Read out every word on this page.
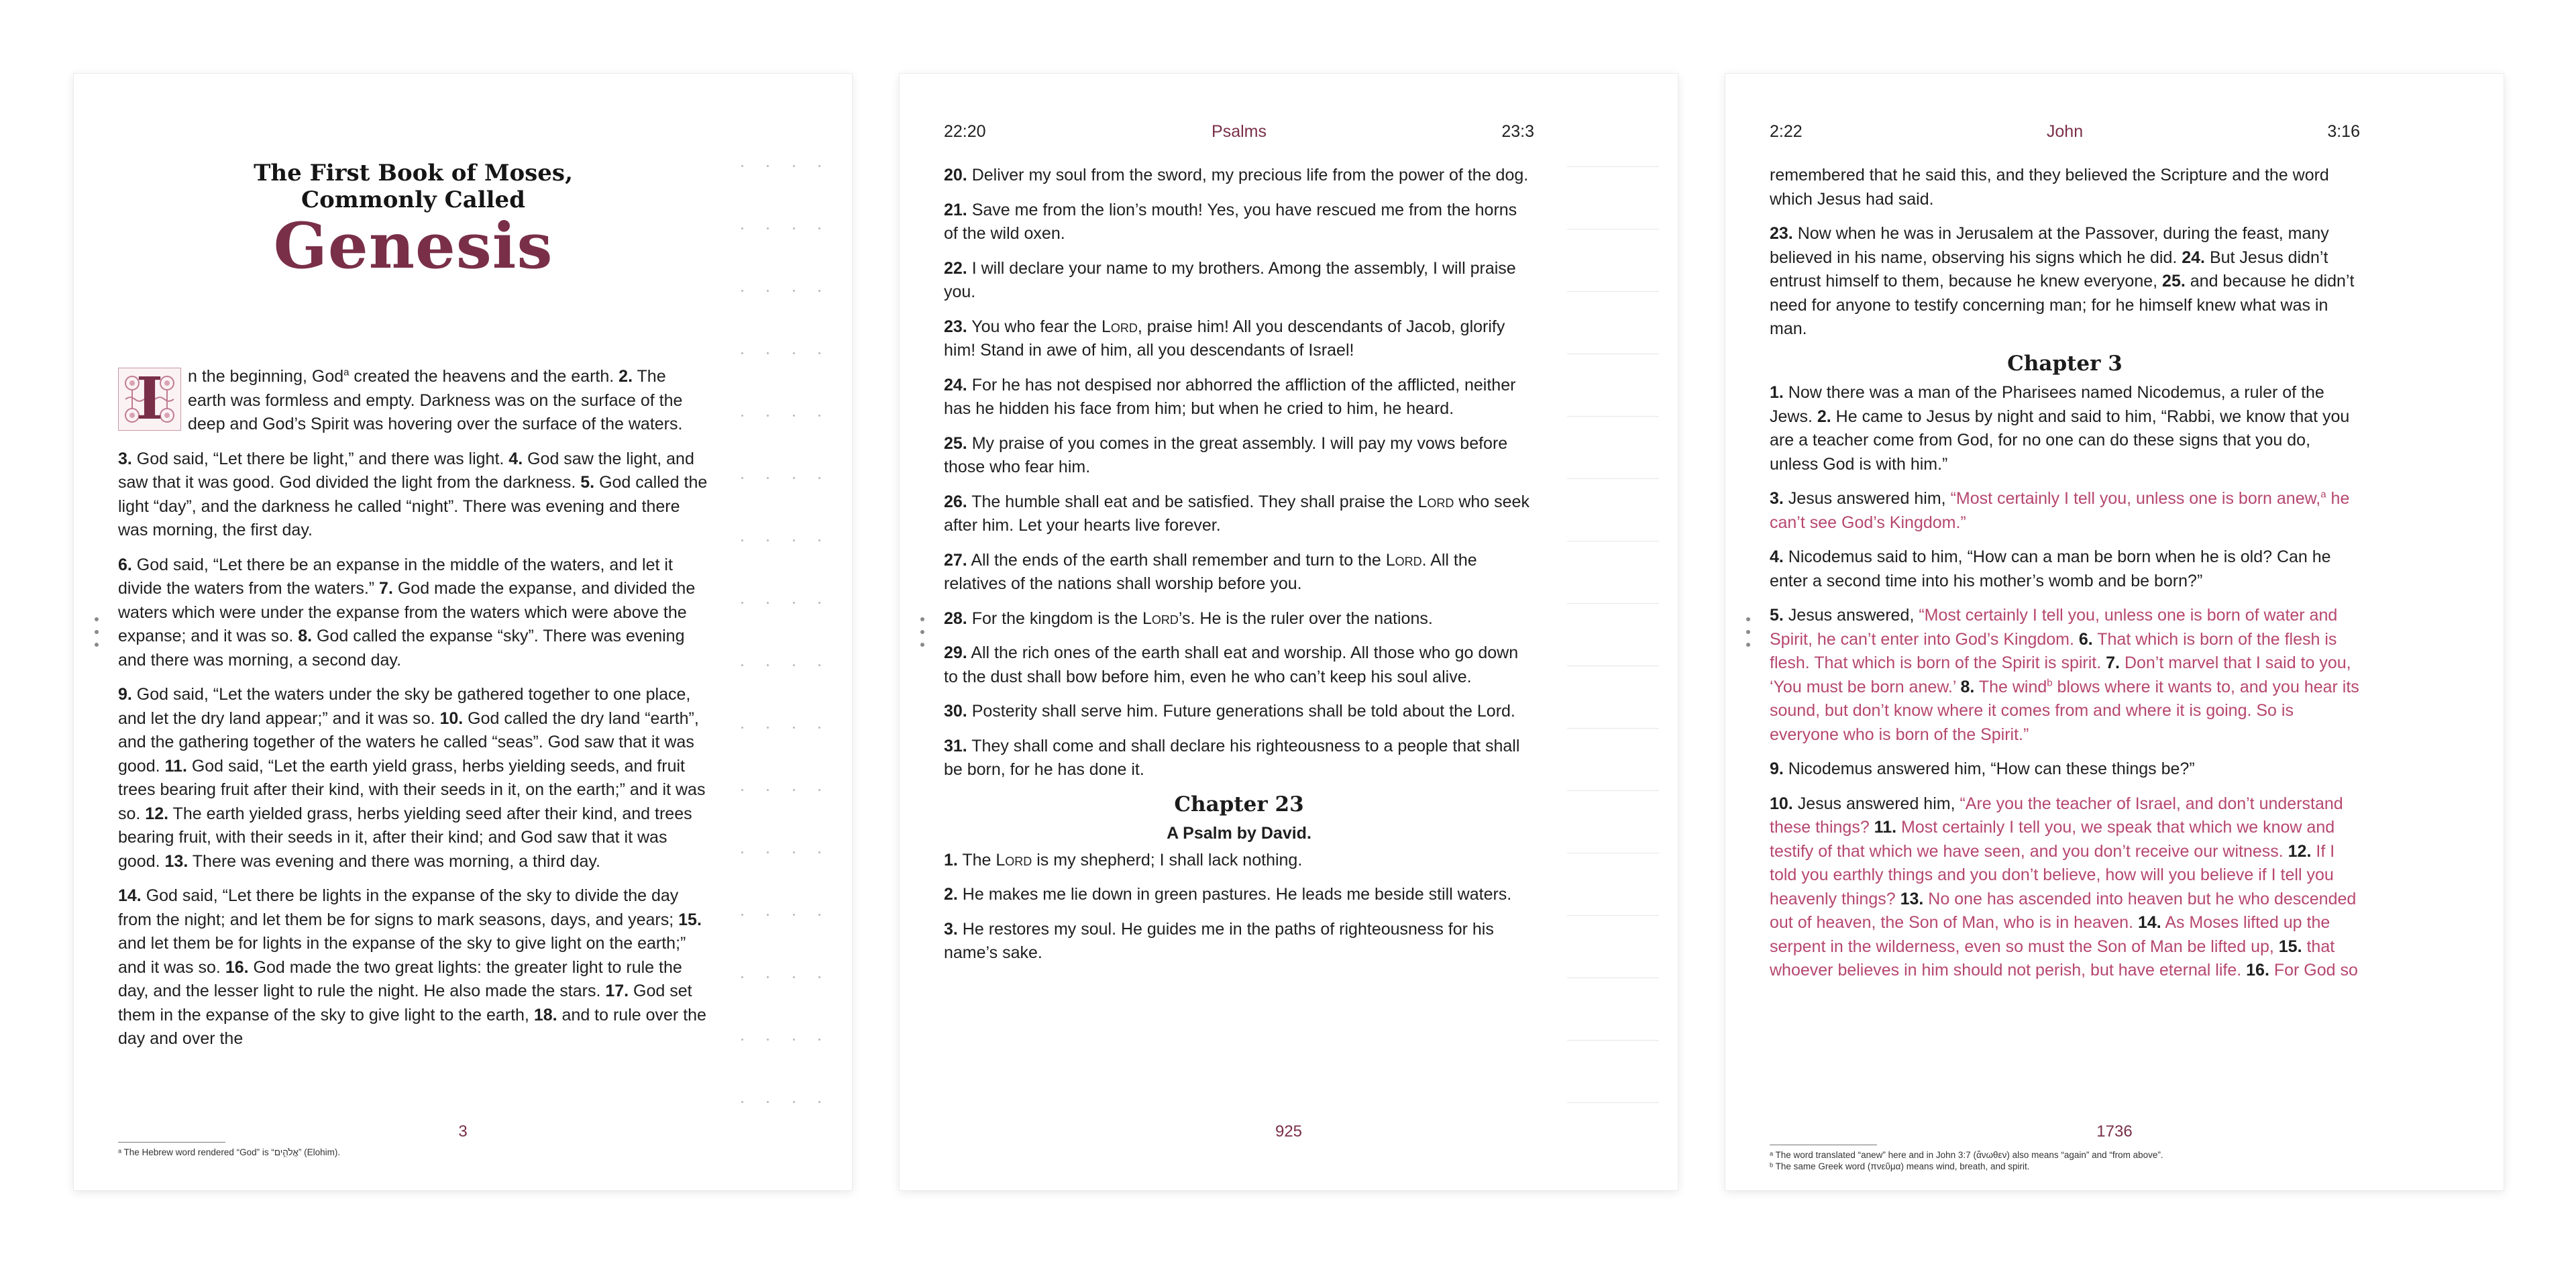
The First Book of Moses,
Commonly Called
Genesis

I	n the beginning, God$^a$ created the heavens and the earth. 2. The earth was formless and empty. Darkness was on the surface of the deep and God’s Spirit was hovering over the surface of the waters.

3. God said, “Let there be light,” and there was light. 4. God saw the light, and saw that it was good. God divided the light from the darkness. 5. God called the light “day”, and the darkness he called “night”. There was evening and there was morning, the first day.

6. God said, “Let there be an expanse in the middle of the waters, and let it divide the waters from the waters.” 7. God made the expanse, and divided the waters which were under the expanse from the waters which were above the expanse; and it was so. 8. God called the expanse “sky”. There was evening and there was morning, a second day.

9. God said, “Let the waters under the sky be gathered together to one place, and let the dry land appear;” and it was so. 10. God called the dry land “earth”, and the gathering together of the waters he called “seas”. God saw that it was good. 11. God said, “Let the earth yield grass, herbs yielding seeds, and fruit trees bearing fruit after their kind, with their seeds in it, on the earth;” and it was so. 12. The earth yielded grass, herbs yielding seed after their kind, and trees bearing fruit, with their seeds in it, after their kind; and God saw that it was good. 13. There was evening and there was morning, a third day.

14. God said, “Let there be lights in the expanse of the sky to divide the day from the night; and let them be for signs to mark seasons, days, and years; 15. and let them be for lights in the expanse of the sky to give light on the earth;” and it was so. 16. God made the two great lights: the greater light to rule the day, and the lesser light to rule the night. He also made the stars. 17. God set them in the expanse of the sky to give light to the earth, 18. and to rule over the day and over the

ᵃ The Hebrew word rendered “God” is “אֱלֹהִ֑ים” (Elohim).
3
22:20	Psalms	23:3

20. Deliver my soul from the sword, my precious life from the power of the dog.

21. Save me from the lion’s mouth! Yes, you have rescued me from the horns of the wild oxen.

22. I will declare your name to my brothers. Among the assembly, I will praise you.

23. You who fear the Lord, praise him! All you descendants of Jacob, glorify him! Stand in awe of him, all you descendants of Israel!

24. For he has not despised nor abhorred the affliction of the afflicted, neither has he hidden his face from him; but when he cried to him, he heard.

25. My praise of you comes in the great assembly. I will pay my vows before those who fear him.

26. The humble shall eat and be satisfied. They shall praise the Lord who seek after him. Let your hearts live forever.

27. All the ends of the earth shall remember and turn to the Lord. All the relatives of the nations shall worship before you.

28. For the kingdom is the Lord’s. He is the ruler over the nations.

29. All the rich ones of the earth shall eat and worship. All those who go down to the dust shall bow before him, even he who can’t keep his soul alive.

30. Posterity shall serve him. Future generations shall be told about the Lord.

31. They shall come and shall declare his righteousness to a people that shall be born, for he has done it.

Chapter 23
A Psalm by David.

1. The Lord is my shepherd; I shall lack nothing.

2. He makes me lie down in green pastures. He leads me beside still waters.

3. He restores my soul. He guides me in the paths of righteousness for his name’s sake.

925
2:22	John	3:16

remembered that he said this, and they believed the Scripture and the word which Jesus had said.

23. Now when he was in Jerusalem at the Passover, during the feast, many believed in his name, observing his signs which he did. 24. But Jesus didn’t entrust himself to them, because he knew everyone, 25. and because he didn’t need for anyone to testify concerning man; for he himself knew what was in man.

Chapter 3

1. Now there was a man of the Pharisees named Nicodemus, a ruler of the Jews. 2. He came to Jesus by night and said to him, “Rabbi, we know that you are a teacher come from God, for no one can do these signs that you do, unless God is with him.”

3. Jesus answered him, “Most certainly I tell you, unless one is born anew,$^a$ he can’t see God’s Kingdom.”

4. Nicodemus said to him, “How can a man be born when he is old? Can he enter a second time into his mother’s womb and be born?”

5. Jesus answered, “Most certainly I tell you, unless one is born of water and Spirit, he can’t enter into God’s Kingdom. 6. That which is born of the flesh is flesh. That which is born of the Spirit is spirit. 7. Don’t marvel that I said to you, ‘You must be born anew.’ 8. The wind$^b$ blows where it wants to, and you hear its sound, but don’t know where it comes from and where it is going. So is everyone who is born of the Spirit.”

9. Nicodemus answered him, “How can these things be?”

10. Jesus answered him, “Are you the teacher of Israel, and don’t understand these things? 11. Most certainly I tell you, we speak that which we know and testify of that which we have seen, and you don’t receive our witness. 12. If I told you earthly things and you don’t believe, how will you believe if I tell you heavenly things? 13. No one has ascended into heaven but he who descended out of heaven, the Son of Man, who is in heaven. 14. As Moses lifted up the serpent in the wilderness, even so must the Son of Man be lifted up, 15. that whoever believes in him should not perish, but have eternal life. 16. For God so

ᵃ The word translated “anew” here and in John 3:7 (ἄνωθεν) also means “again” and “from above”.
ᵇ The same Greek word (πνεῦμα) means wind, breath, and spirit.
1736
